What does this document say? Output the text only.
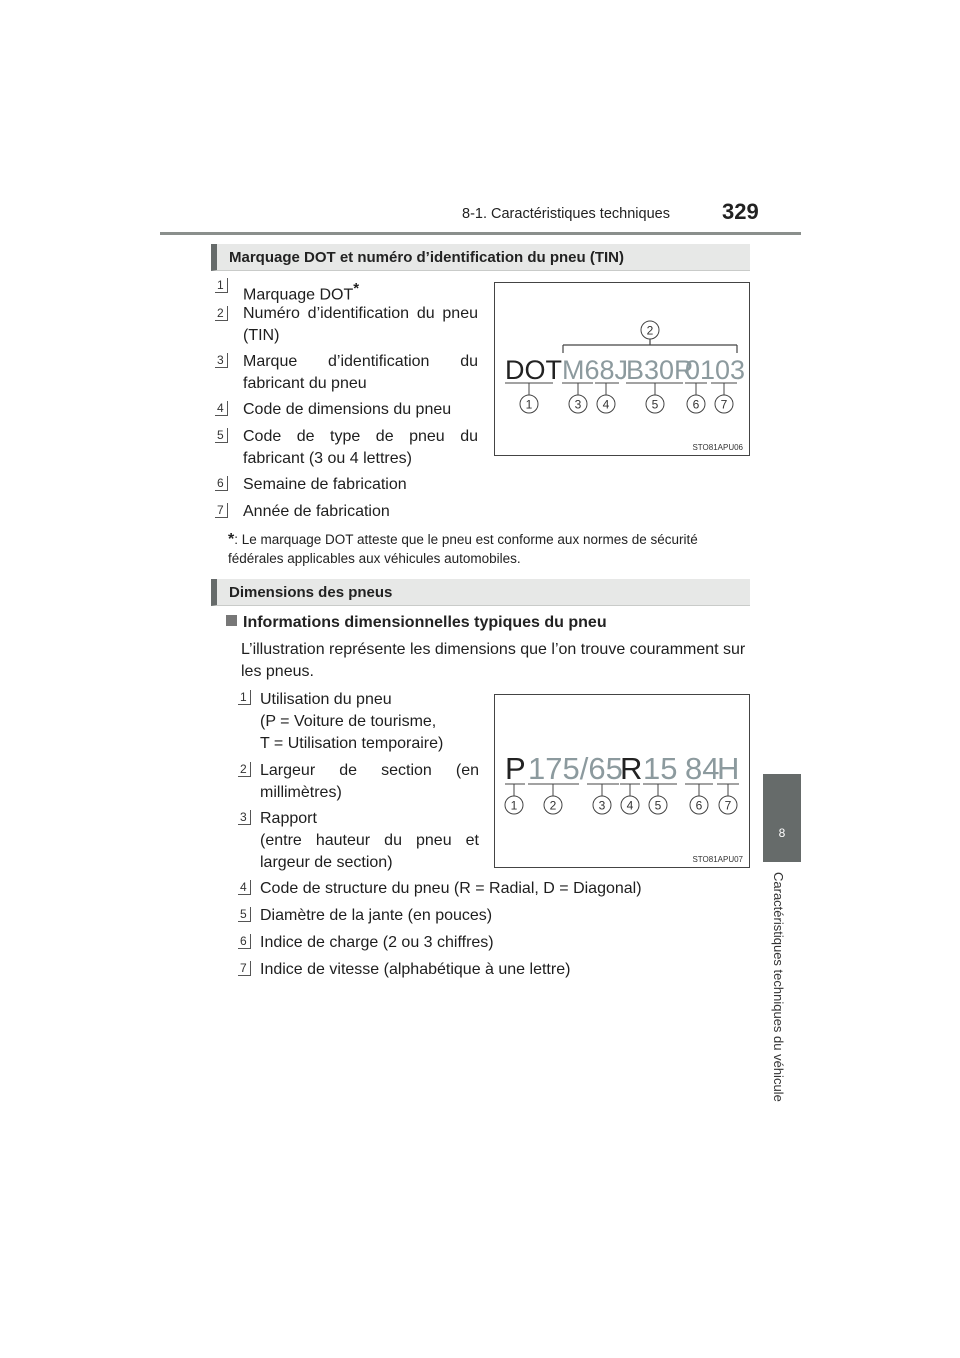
8-1. Caractéristiques techniques 329
8
Caractéristiques techniques du véhicule
Marquage DOT et numéro d’identification du pneu (TIN)
1
Marquage DOT*
2 Numéro d’identification du pneu (TIN)
3 Marque d’identification du fabricant du pneu
4 Code de dimensions du pneu
5 Code de type de pneu du fabricant (3 ou 4 lettres)
6 Semaine de fabrication
7 Année de fabrication
2
DOT M68J
B30R
0103
1	3 4	5	6 7
STO81APU06
*: Le marquage DOT atteste que le pneu est conforme aux normes de sécurité fédérales applicables aux véhicules automobiles.
Dimensions des pneus
Informations dimensionnelles typiques du pneu
L’illustration représente les dimensions que l’on trouve couramment sur les pneus.
1 Utilisation du pneu
(P = Voiture de tourisme,
T = Utilisation temporaire)
2 Largeur de section (en millimètres)
3 Rapport
(entre hauteur du pneu et largeur de section)
4 Code de structure du pneu (R = Radial, D = Diagonal)
5 Diamètre de la jante (en pouces)
6 Indice de charge (2 ou 3 chiffres)
7 Indice de vitesse (alphabétique à une lettre)
P 175/65
R 15 84
H
1	2	3 4 5	6 7
STO81APU07
